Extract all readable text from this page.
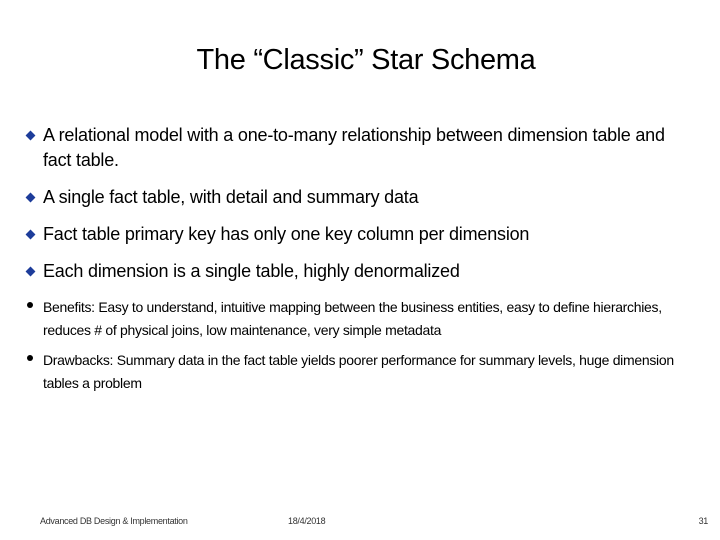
The “Classic” Star Schema
A relational model with a one-to-many relationship between dimension table and fact table.
A single fact table, with detail and summary data
Fact table primary key has only one key column per dimension
Each dimension is a single table, highly denormalized
Benefits: Easy to understand, intuitive mapping between the business entities, easy to define hierarchies, reduces # of physical joins, low maintenance, very simple metadata
Drawbacks: Summary data in the fact table yields poorer performance for summary levels, huge dimension tables a problem
Advanced DB Design & Implementation	18/4/2018	31
